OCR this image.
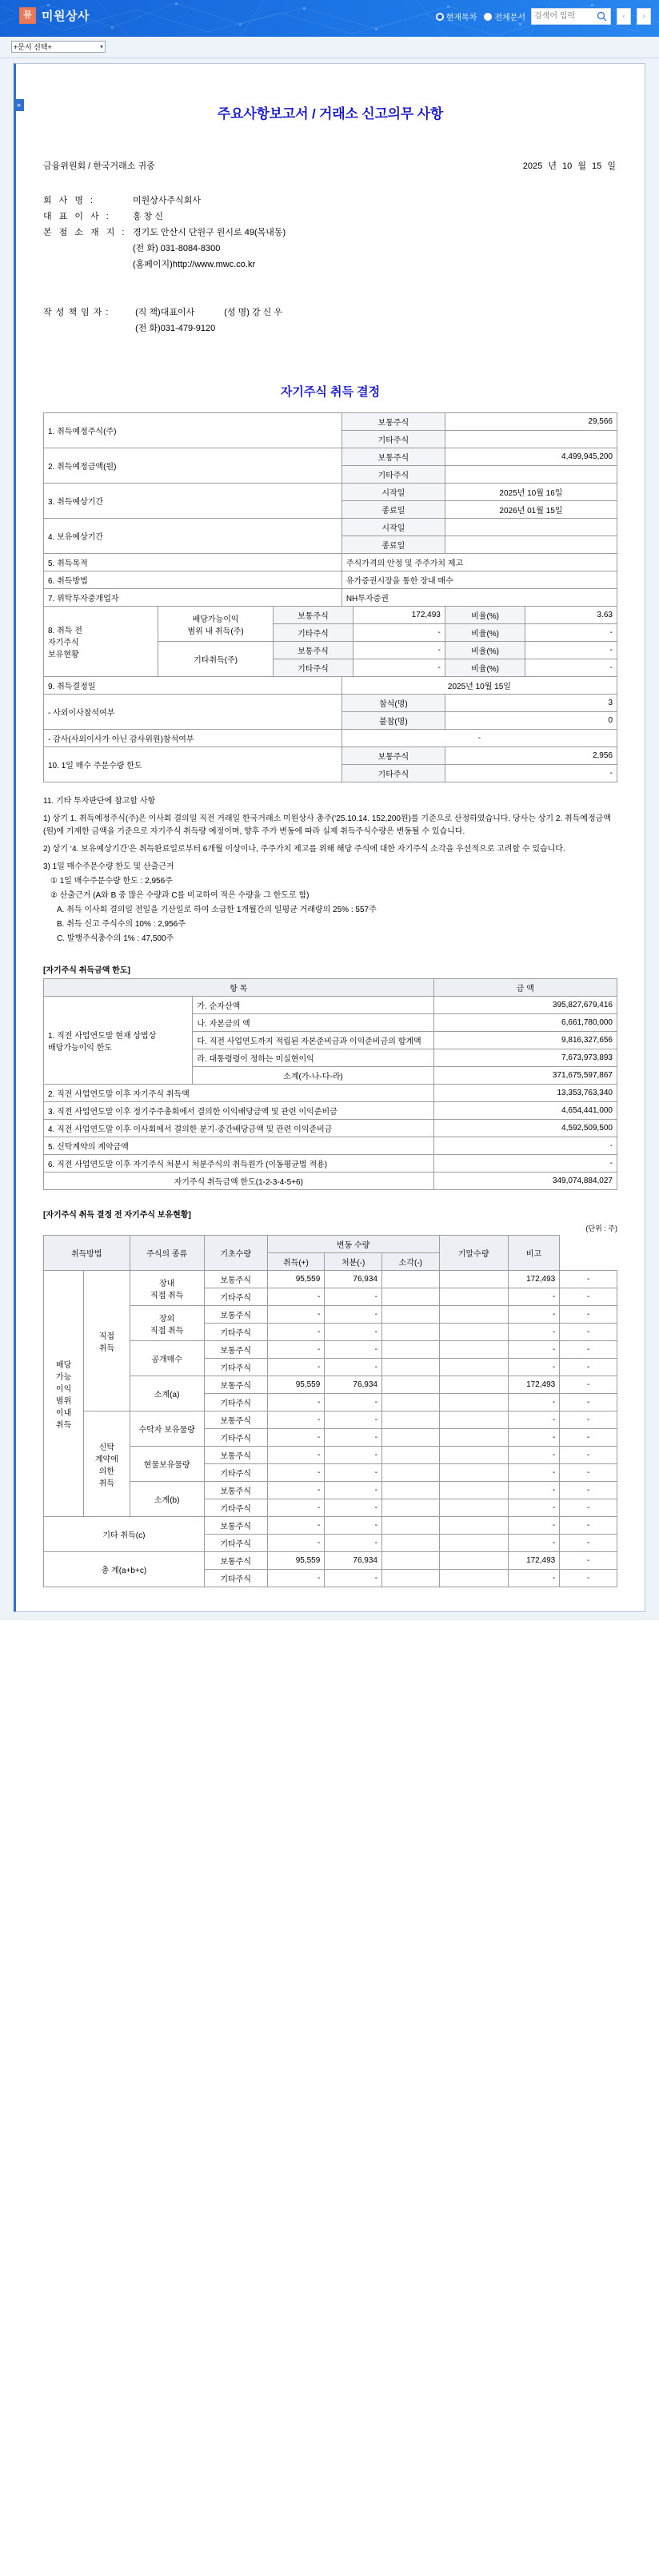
뮤 미원상사	현재목차 전체문서
검색어 입력	‹	›
+문서 선택+	▾
»
주요사항보고서 / 거래소 신고의무 사항
금융위원회 / 한국거래소 귀중	2025 년 10 월 15 일
회 사 명 :	미원상사주식회사
대 표 이 사 :	홍 창 신
본 점 소 재 지 : 경기도 안산시 단원구 원시로 49(목내동)
(전 화) 031-8084-8300
(홈페이지)http://www.mwc.co.kr
작 성 책 임 자 :	(직 책)대표이사	(성 명) 강 신 우
(전 화)031-479-9120
자기주식 취득 결정
1. 취득예정주식(주)	보통주식	29,566
	기타주식	
2. 취득예정금액(원)	보통주식	4,499,945,200
	기타주식	
3. 취득예상기간	시작일	2025년 10월 16일
	종료일	2026년 01월 15일
4. 보유예상기간	시작일	
	종료일	
5. 취득목적	주식가격의 안정 및 주주가치 제고	
6. 취득방법	유가증권시장을 통한 장내 매수	
7. 위탁투자중개업자	NH투자증권	
8. 취득 전
자기주식
보유현황	배당가능이익
범위 내 취득(주)	보통주식	172,493	비율(%)	3.63
		기타주식	-	비율(%)	-
	기타취득(주)	보통주식	-	비율(%)	-
		기타주식	-	비율(%)	-
9. 취득결정일	2025년 10월 15일	
- 사외이사참석여부	참석(명)	3
	불참(명)	0
- 감사(사외이사가 아닌 감사위원)참석여부	-	
10. 1일 매수 주문수량 한도	보통주식	2,956
	기타주식	-

11. 기타 투자판단에 참고할 사항

1) 상기 1. 취득예정주식(주)은 이사회 결의일 직전 거래일 한국거래소 미원상사 총주(‘25.10.14. 152,200원)를 기준으로 산정하였습니다. 당사는 상기 2. 취득예정금액(원)에 기재한 금액을 기준으로 자기주식 취득량 예정이며, 향후 주가 변동에 따라 실제 취득주식수량은 변동될 수 있습니다.

2) 상기 ‘4. 보유예상기간’은 취득완료일로부터 6개월 이상이나, 주주가치 제고를 위해 해당 주식에 대한 자기주식 소각을 우선적으로 고려할 수 있습니다.

3) 1일 매수주문수량 한도 및 산출근거

① 1일 매수주문수량 한도 : 2,956주

② 산출근거 (A와 B 중 많은 수량과 C를 비교하여 적은 수량을 그 한도로 함)

A. 취득 이사회 결의일 전일을 기산일로 하여 소급한 1개월간의 일평균 거래량의 25% : 557주

B. 취득 신고 주식수의 10% : 2,956주

C. 발행주식총수의 1% : 47,500주

[자기주식 취득금액 한도]
항 목		금 액
1. 직전 사업연도말 현재 상법상
배당가능이익 한도	가. 순자산액	395,827,679,416
	나. 자본금의 액	6,661,780,000
	다. 직전 사업연도까지 적립된 자본준비금과 이익준비금의 합계액	9,816,327,656
	라. 대통령령이 정하는 미실현이익	7,673,973,893
	소계(가-나-다-라)	371,675,597,867
2. 직전 사업연도말 이후 자기주식 취득액		13,353,763,340
3. 직전 사업연도말 이후 정기주주총회에서 결의한 이익배당금액 및 관련 이익준비금		4,654,441,000
4. 직전 사업연도말 이후 이사회에서 결의한 분기·중간배당금액 및 관련 이익준비금		4,592,509,500
5. 신탁계약의 계약금액		-
6. 직전 사업연도말 이후 자기주식 처분시 처분주식의 취득원가 (이동평균법 적용)		-
자기주식 취득금액 한도(1-2-3-4-5+6)		349,074,884,027
[자기주식 취득 결정 전 자기주식 보유현황]
(단위 : 주)
취득방법		주식의 종류	기초수량	변동 수량			기말수량	비고	
				취득(+)	처분(-)	소각(-)			
배당
가능
이익
범위
이내
취득	직접
취득	장내
직접 취득	보통주식	95,559	76,934			172,493	-
			기타주식	-	-			-	-
		장외
직접 취득	보통주식	-	-			-	-
			기타주식	-	-			-	-
		공개매수	보통주식	-	-			-	-
			기타주식	-	-			-	-
		소계(a)	보통주식	95,559	76,934			172,493	-
			기타주식	-	-			-	-
	신탁
계약에
의한
취득	수탁자 보유물량	보통주식	-	-			-	-
			기타주식	-	-			-	-
		현물보유물량	보통주식	-	-			-	-
			기타주식	-	-			-	-
		소계(b)	보통주식	-	-			-	-
			기타주식	-	-			-	-
기타 취득(c)			보통주식	-	-			-	-
			기타주식	-	-			-	-
총 계(a+b+c)			보통주식	95,559	76,934			172,493	-
			기타주식	-	-			-	-
